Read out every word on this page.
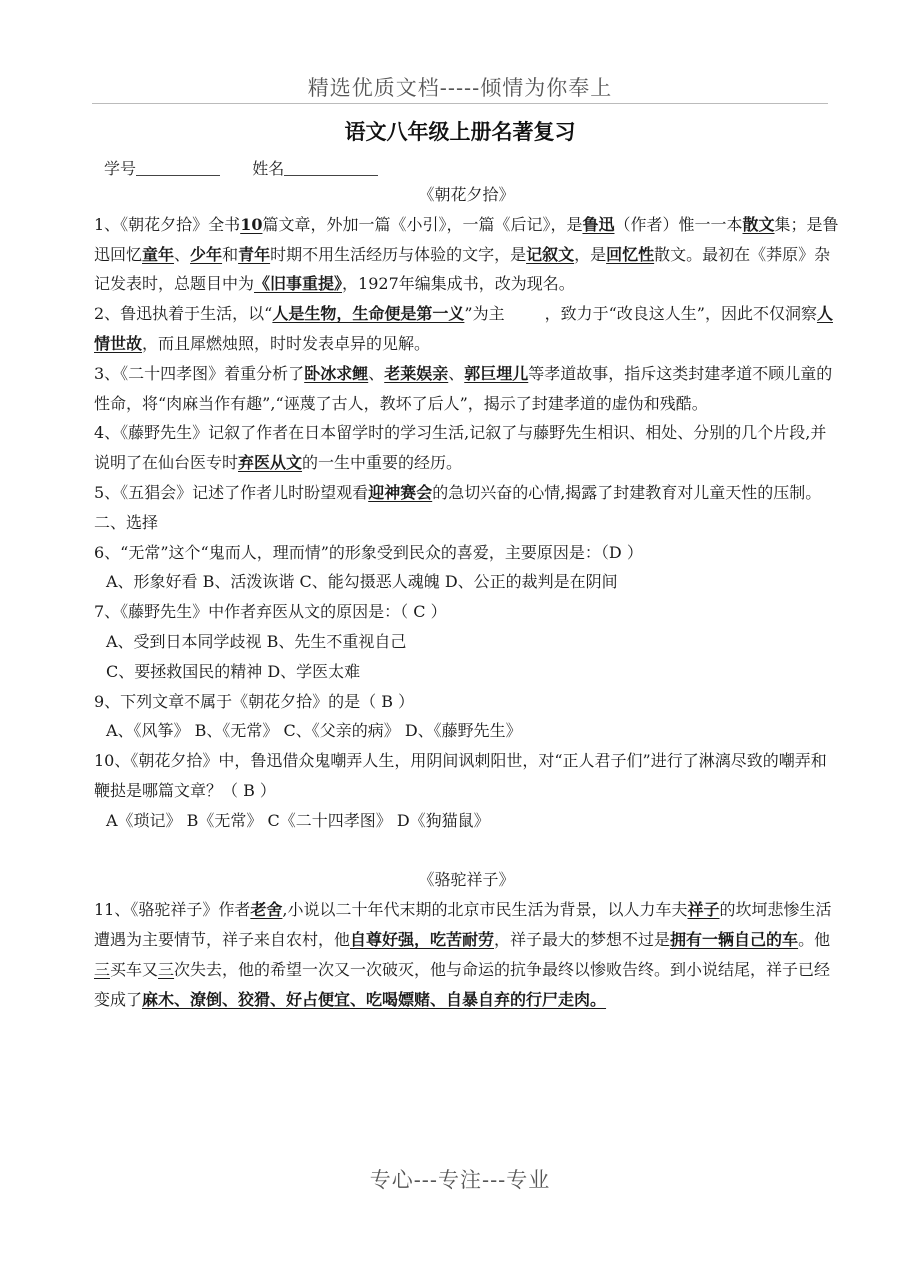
精选优质文档-----倾情为你奉上
语文八年级上册名著复习
学号	姓名

《朝花夕拾》

1、《朝花夕拾》全书10篇文章，外加一篇《小引》，一篇《后记》，是鲁迅（作者）惟一一本散文集；是鲁迅回忆童年、少年和青年时期不用生活经历与体验的文字，是记叙文，是回忆性散文。最初在《莽原》杂记发表时，总题目中为《旧事重提》，1927年编集成书，改为现名。

2、鲁迅执着于生活，以“人是生物，生命便是第一义”为主	，致力于“改良这人生”，因此不仅洞察人情世故，而且犀燃烛照，时时发表卓异的见解。

3、《二十四孝图》着重分析了卧冰求鲤、老莱娱亲、郭巨埋儿等孝道故事，指斥这类封建孝道不顾儿童的性命，将“肉麻当作有趣”,“诬蔑了古人，教坏了后人”，揭示了封建孝道的虚伪和残酷。

4、《藤野先生》记叙了作者在日本留学时的学习生活,记叙了与藤野先生相识、相处、分别的几个片段,并说明了在仙台医专时弃医从文的一生中重要的经历。

5、《五猖会》记述了作者儿时盼望观看迎神赛会的急切兴奋的心情,揭露了封建教育对儿童天性的压制。

二、选择

6、“无常”这个“鬼而人，理而情”的形象受到民众的喜爱，主要原因是：（D ）

A、形象好看 B、活泼诙谐 C、能勾摄恶人魂魄 D、公正的裁判是在阴间

7、《藤野先生》中作者弃医从文的原因是：（ C ）

A、受到日本同学歧视 B、先生不重视自己

C、要拯救国民的精神 D、学医太难

9、下列文章不属于《朝花夕拾》的是（ B ）

A、《风筝》 B、《无常》 C、《父亲的病》 D、《藤野先生》

10、《朝花夕拾》中，鲁迅借众鬼嘲弄人生，用阴间讽刺阳世，对“正人君子们”进行了淋漓尽致的嘲弄和鞭挞是哪篇文章？（ B ）

A《琐记》 B《无常》 C《二十四孝图》 D《狗猫鼠》

《骆驼祥子》

11、《骆驼祥子》作者老舍,小说以二十年代末期的北京市民生活为背景，以人力车夫祥子的坎坷悲惨生活遭遇为主要情节，祥子来自农村，他自尊好强，吃苦耐劳，祥子最大的梦想不过是拥有一辆自己的车。他三买车又三次失去，他的希望一次又一次破灭，他与命运的抗争最终以惨败告终。到小说结尾，祥子已经变成了麻木、潦倒、狡猾、好占便宜、吃喝嫖赌、自暴自弃的行尸走肉。

专心---专注---专业
